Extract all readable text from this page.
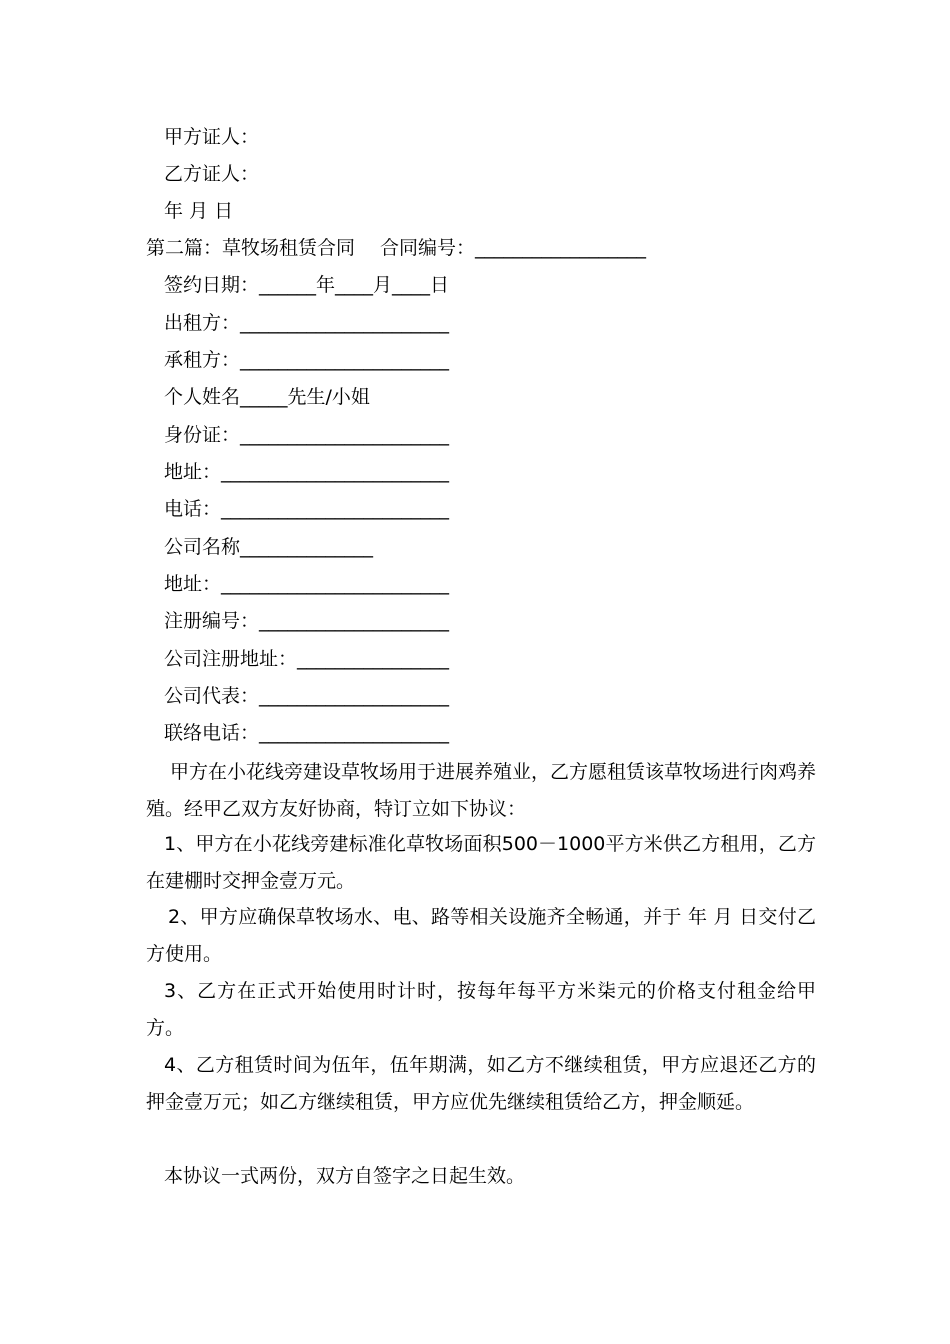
甲方证人：
乙方证人：
年 月 日
第二篇：草牧场租赁合同 　合同编号：__________________
签约日期：______年____月____日
出租方：______________________
承租方：______________________
个人姓名_____先生/小姐
身份证：______________________
地址：________________________
电话：________________________
公司名称______________
地址：________________________
注册编号：____________________
公司注册地址：________________
公司代表：____________________
联络电话：____________________
甲方在小花线旁建设草牧场用于进展养殖业，乙方愿租赁该草牧场进行肉鸡养殖。经甲乙双方友好协商，特订立如下协议：
1、甲方在小花线旁建标准化草牧场面积500－1000平方米供乙方租用，乙方在建棚时交押金壹万元。
2、甲方应确保草牧场水、电、路等相关设施齐全畅通，并于 年 月 日交付乙方使用。
3、乙方在正式开始使用时计时，按每年每平方米柒元的价格支付租金给甲方。
4、乙方租赁时间为伍年，伍年期满，如乙方不继续租赁，甲方应退还乙方的押金壹万元；如乙方继续租赁，甲方应优先继续租赁给乙方，押金顺延。
本协议一式两份，双方自签字之日起生效。
